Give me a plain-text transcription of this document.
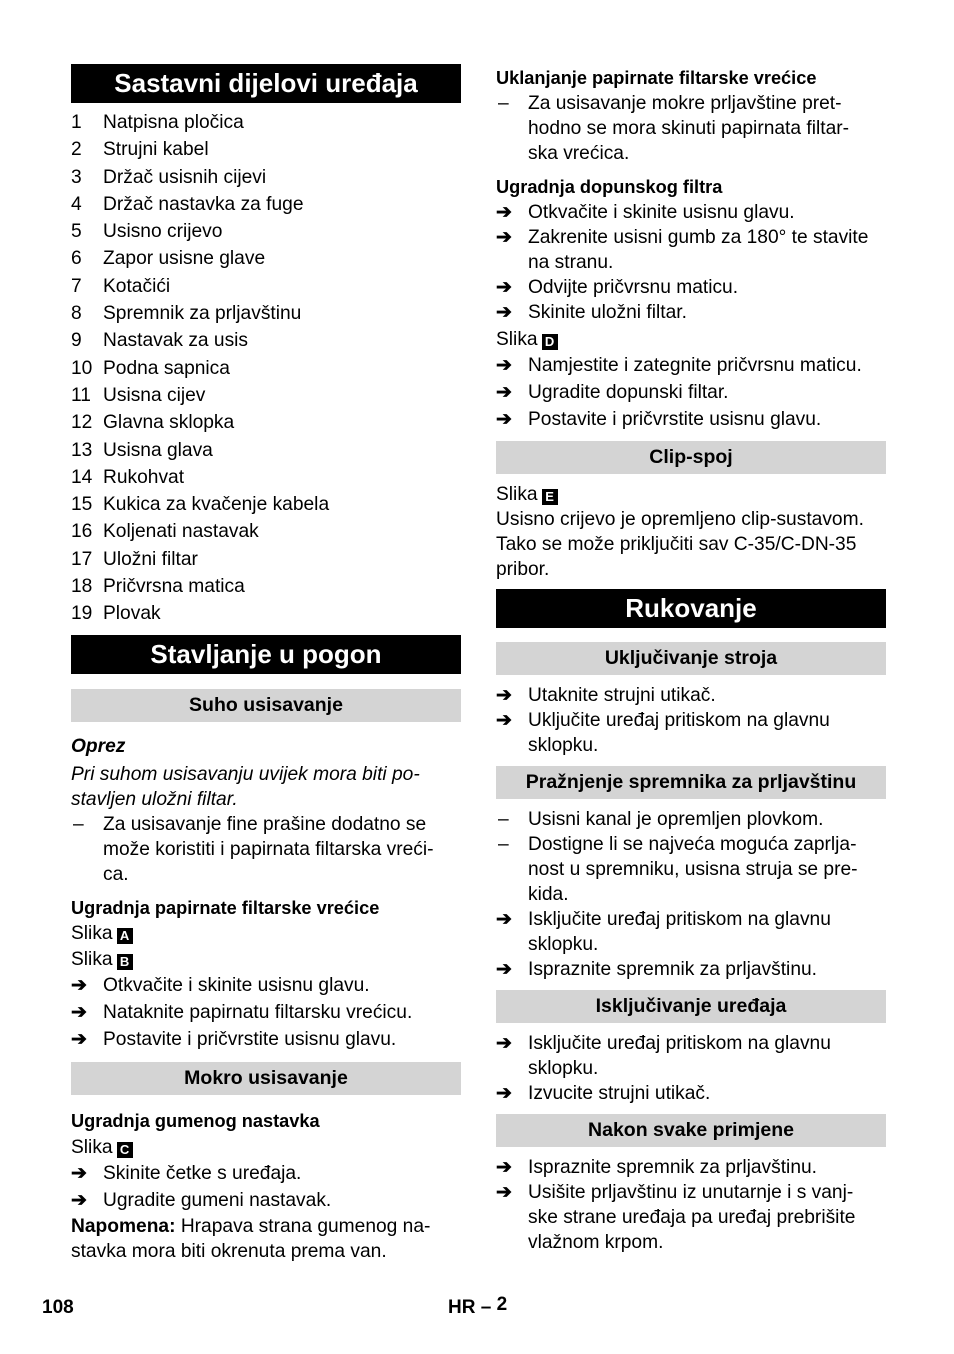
Sastavni dijelovi uređaja
1	Natpisna pločica
2	Strujni kabel
3	Držač usisnih cijevi
4	Držač nastavka za fuge
5	Usisno crijevo
6	Zapor usisne glave
7	Kotačići
8	Spremnik za prljavštinu
9	Nastavak za usis
10 Podna sapnica
11 Usisna cijev
12 Glavna sklopka
13 Usisna glava
14 Rukohvat
15 Kukica za kvačenje kabela
16 Koljenati nastavak
17 Uložni filtar
18 Pričvrsna matica
19 Plovak
Stavljanje u pogon
Suho usisavanje

Oprez

Pri suhom usisavanju uvijek mora biti po-
stavljen uložni filtar.

–	Za usisavanje fine prašine dodatno se
može koristiti i papirnata filtarska vreći-
ca.

Ugradnja papirnate filtarske vrećice

Slika A

Slika B

➔ Otkvačite i skinite usisnu glavu.
➔ Nataknite papirnatu filtarsku vrećicu.
➔ Postavite i pričvrstite usisnu glavu.
Mokro usisavanje

Ugradnja gumenog nastavka

Slika C

➔ Skinite četke s uređaja.
➔ Ugradite gumeni nastavak.

Napomena: Hrapava strana gumenog na-
stavka mora biti okrenuta prema van.

Uklanjanje papirnate filtarske vrećice

–	Za usisavanje mokre prljavštine pret-
hodno se mora skinuti papirnata filtar-
ska vrećica.

Ugradnja dopunskog filtra

➔ Otkvačite i skinite usisnu glavu.
➔ Zakrenite usisni gumb za 180° te stavite
na stranu.
➔ Odvijte pričvrsnu maticu.
➔ Skinite uložni filtar.

Slika D

➔ Namjestite i zategnite pričvrsnu maticu.
➔ Ugradite dopunski filtar.
➔ Postavite i pričvrstite usisnu glavu.
Clip-spoj

Slika E

Usisno crijevo je opremljeno clip-sustavom.
Tako se može priključiti sav C-35/C-DN-35
pribor.

Rukovanje
Uključivanje stroja
➔ Utaknite strujni utikač.
➔ Uključite uređaj pritiskom na glavnu
sklopku.
Pražnjenje spremnika za prljavštinu
–	Usisni kanal je opremljen plovkom.
–	Dostigne li se najveća moguća zaprlja-
nost u spremniku, usisna struja se pre-
kida.
➔ Isključite uređaj pritiskom na glavnu
sklopku.
➔ Ispraznite spremnik za prljavštinu.
Isključivanje uređaja
➔ Isključite uređaj pritiskom na glavnu
sklopku.
➔ Izvucite strujni utikač.
Nakon svake primjene
➔ Ispraznite spremnik za prljavštinu.
➔ Usišite prljavštinu iz unutarnje i s vanj-
ske strane uređaja pa uređaj prebrišite
vlažnom krpom.
108	HR – 2
